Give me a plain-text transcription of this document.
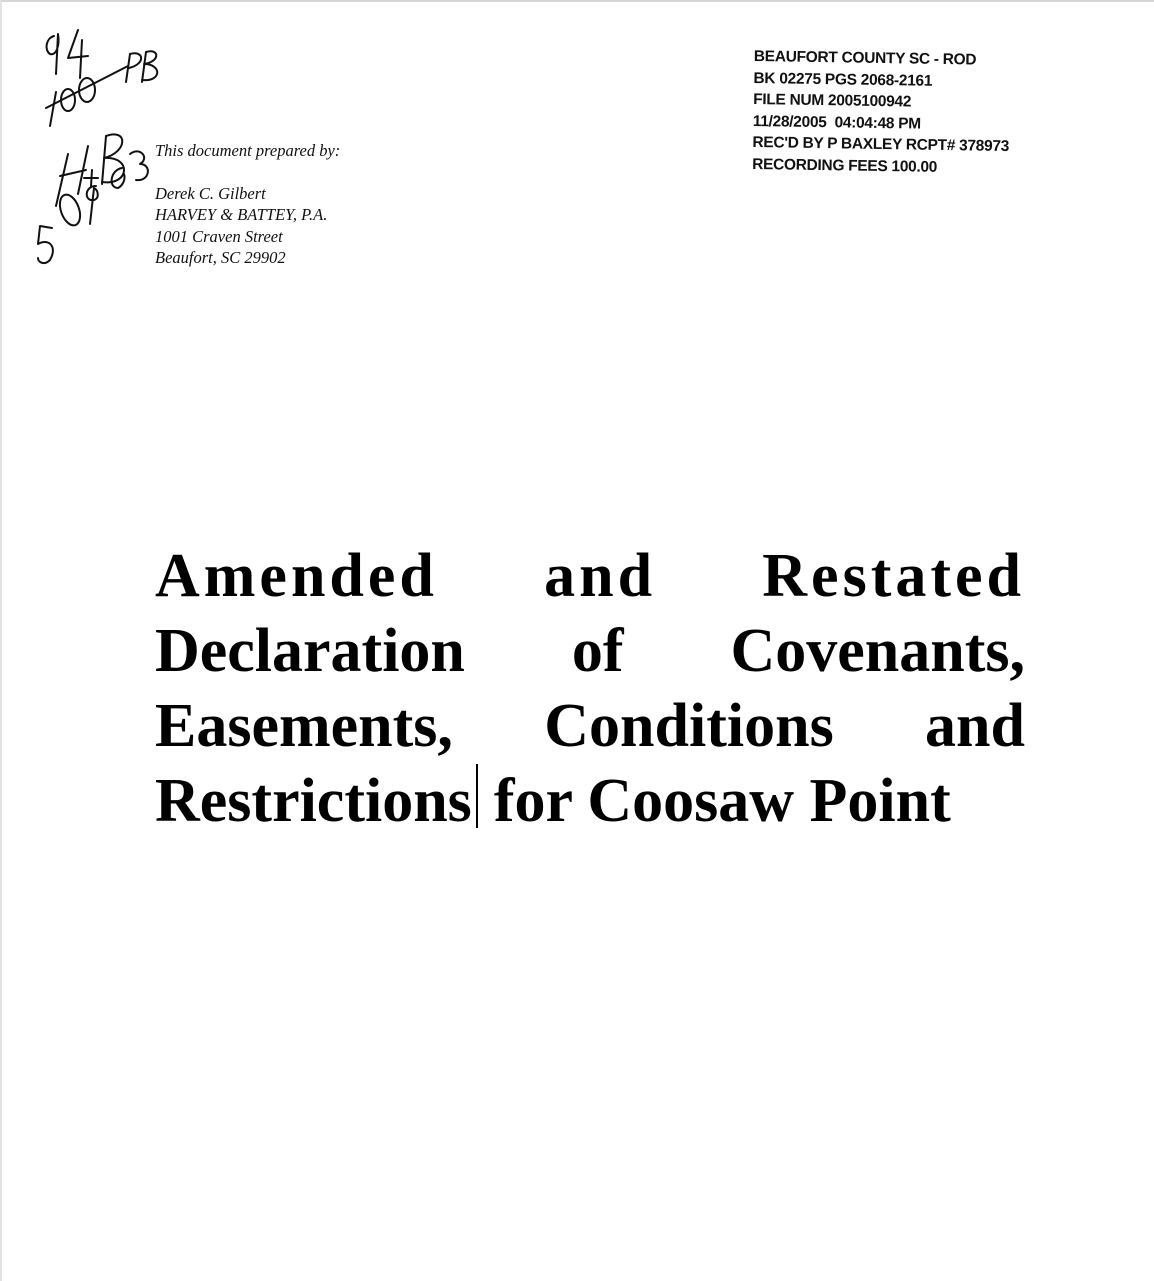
This document prepared by:
Derek C. Gilbert
HARVEY & BATTEY, P.A.
1001 Craven Street
Beaufort, SC 29902
BEAUFORT COUNTY SC - ROD
BK 02275 PGS 2068-2161
FILE NUM 2005100942
11/28/2005  04:04:48 PM
REC'D BY P BAXLEY RCPT# 378973
RECORDING FEES 100.00
Amended and Restated
Declaration of Covenants,
Easements, Conditions and
Restrictions for Coosaw Point
